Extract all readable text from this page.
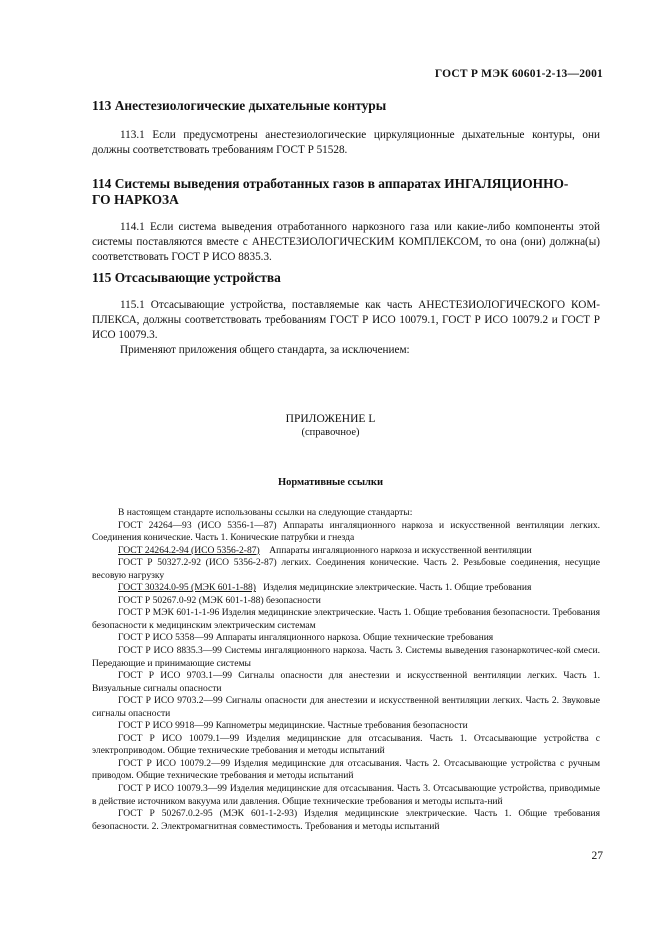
ГОСТ Р МЭК 60601-2-13—2001
113 Анестезиологические дыхательные контуры
113.1 Если предусмотрены анестезиологические циркуляционные дыхательные контуры, они должны соответствовать требованиям ГОСТ Р 51528.
114 Системы выведения отработанных газов в аппаратах ИНГАЛЯЦИОННО-
ГО НАРКОЗА
114.1 Если система выведения отработанного наркозного газа или какие-либо компоненты этой системы поставляются вместе с АНЕСТЕЗИОЛОГИЧЕСКИМ КОМПЛЕКСОМ, то она (они) должна(ы) соответствовать ГОСТ Р ИСО 8835.3.
115 Отсасывающие устройства
115.1 Отсасывающие устройства, поставляемые как часть АНЕСТЕЗИОЛОГИЧЕСКОГО КОМ-ПЛЕКСА, должны соответствовать требованиям ГОСТ Р ИСО 10079.1, ГОСТ Р ИСО 10079.2 и ГОСТ Р ИСО 10079.3.
Применяют приложения общего стандарта, за исключением:
ПРИЛОЖЕНИЕ L
(справочное)
Нормативные ссылки

В настоящем стандарте использованы ссылки на следующие стандарты:

ГОСТ 24264—93 (ИСО 5356-1—87) Аппараты ингаляционного наркоза и искусственной вентиляции легких. Соединения конические. Часть 1. Конические патрубки и гнезда

ГОСТ 24264.2-94 (ИСО 5356-2-87) Аппараты ингаляционного наркоза и искусственной вентиляции

ГОСТ Р 50327.2-92 (ИСО 5356-2-87) легких. Соединения конические. Часть 2. Резьбовые соединения, несущие весовую нагрузку

ГОСТ 30324.0-95 (МЭК 601-1-88) Изделия медицинские электрические. Часть 1. Общие требования

ГОСТ Р 50267.0-92 (МЭК 601-1-88) безопасности

ГОСТ Р МЭК 601-1-1-96 Изделия медицинские электрические. Часть 1. Общие требования безопасности. Требования безопасности к медицинским электрическим системам

ГОСТ Р ИСО 5358—99 Аппараты ингаляционного наркоза. Общие технические требования

ГОСТ Р ИСО 8835.3—99 Системы ингаляционного наркоза. Часть 3. Системы выведения газонаркотичес-кой смеси. Передающие и принимающие системы

ГОСТ Р ИСО 9703.1—99 Сигналы опасности для анестезии и искусственной вентиляции легких. Часть 1. Визуальные сигналы опасности

ГОСТ Р ИСО 9703.2—99 Сигналы опасности для анестезии и искусственной вентиляции легких. Часть 2. Звуковые сигналы опасности

ГОСТ Р ИСО 9918—99 Капнометры медицинские. Частные требования безопасности

ГОСТ Р ИСО 10079.1—99 Изделия медицинские для отсасывания. Часть 1. Отсасывающие устройства с электроприводом. Общие технические требования и методы испытаний

ГОСТ Р ИСО 10079.2—99 Изделия медицинские для отсасывания. Часть 2. Отсасывающие устройства с ручным приводом. Общие технические требования и методы испытаний

ГОСТ Р ИСО 10079.3—99 Изделия медицинские для отсасывания. Часть 3. Отсасывающие устройства, приводимые в действие источником вакуума или давления. Общие технические требования и методы испыта-ний

ГОСТ Р 50267.0.2-95 (МЭК 601-1-2-93) Изделия медицинские электрические. Часть 1. Общие требования безопасности. 2. Электромагнитная совместимость. Требования и методы испытаний

27
